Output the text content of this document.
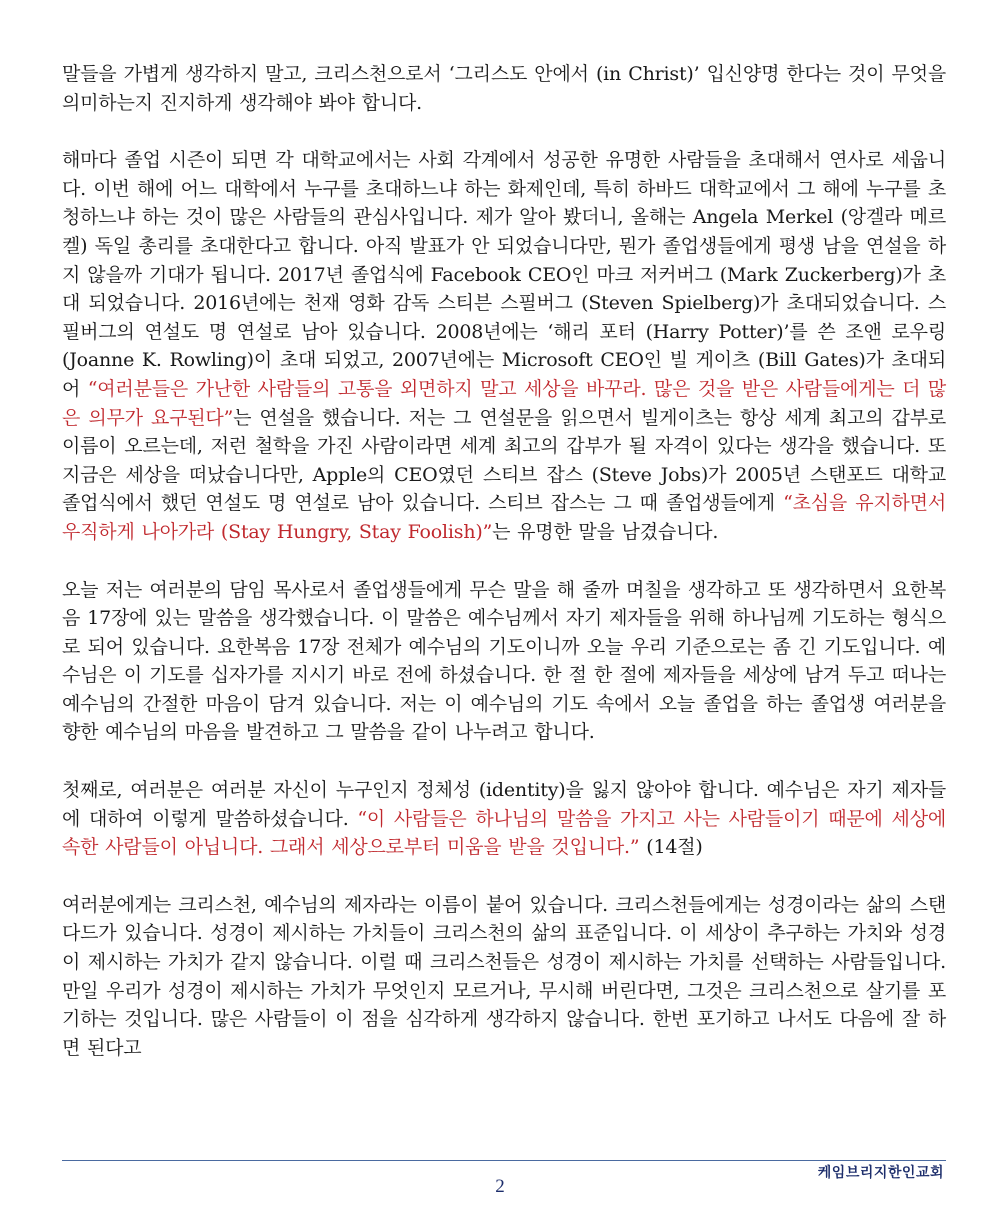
말들을 가볍게 생각하지 말고, 크리스천으로서 ‘그리스도 안에서 (in Christ)’ 입신양명 한다는 것이 무엇을 의미하는지 진지하게 생각해야 봐야 합니다.

해마다 졸업 시즌이 되면 각 대학교에서는 사회 각계에서 성공한 유명한 사람들을 초대해서 연사로 세웁니다. 이번 해에 어느 대학에서 누구를 초대하느냐 하는 화제인데, 특히 하바드 대학교에서 그 해에 누구를 초청하느냐 하는 것이 많은 사람들의 관심사입니다. 제가 알아 봤더니, 올해는 Angela Merkel (앙겔라 메르켈) 독일 총리를 초대한다고 합니다. 아직 발표가 안 되었습니다만, 뭔가 졸업생들에게 평생 남을 연설을 하지 않을까 기대가 됩니다. 2017년 졸업식에 Facebook CEO인 마크 저커버그 (Mark Zuckerberg)가 초대 되었습니다. 2016년에는 천재 영화 감독 스티븐 스필버그 (Steven Spielberg)가 초대되었습니다. 스필버그의 연설도 명 연설로 남아 있습니다. 2008년에는 ‘해리 포터 (Harry Potter)’를 쓴 조앤 로우링 (Joanne K. Rowling)이 초대 되었고, 2007년에는 Microsoft CEO인 빌 게이츠 (Bill Gates)가 초대되어 “여러분들은 가난한 사람들의 고통을 외면하지 말고 세상을 바꾸라. 많은 것을 받은 사람들에게는 더 많은 의무가 요구된다”는 연설을 했습니다. 저는 그 연설문을 읽으면서 빌게이츠는 항상 세계 최고의 갑부로 이름이 오르는데, 저런 철학을 가진 사람이라면 세계 최고의 갑부가 될 자격이 있다는 생각을 했습니다. 또 지금은 세상을 떠났습니다만, Apple의 CEO였던 스티브 잡스 (Steve Jobs)가 2005년 스탠포드 대학교 졸업식에서 했던 연설도 명 연설로 남아 있습니다. 스티브 잡스는 그 때 졸업생들에게 “초심을 유지하면서 우직하게 나아가라 (Stay Hungry, Stay Foolish)”는 유명한 말을 남겼습니다.

오늘 저는 여러분의 담임 목사로서 졸업생들에게 무슨 말을 해 줄까 며칠을 생각하고 또 생각하면서 요한복음 17장에 있는 말씀을 생각했습니다. 이 말씀은 예수님께서 자기 제자들을 위해 하나님께 기도하는 형식으로 되어 있습니다. 요한복음 17장 전체가 예수님의 기도이니까 오늘 우리 기준으로는 좀 긴 기도입니다. 예수님은 이 기도를 십자가를 지시기 바로 전에 하셨습니다. 한 절 한 절에 제자들을 세상에 남겨 두고 떠나는 예수님의 간절한 마음이 담겨 있습니다. 저는 이 예수님의 기도 속에서 오늘 졸업을 하는 졸업생 여러분을 향한 예수님의 마음을 발견하고 그 말씀을 같이 나누려고 합니다.

첫째로, 여러분은 여러분 자신이 누구인지 정체성 (identity)을 잃지 않아야 합니다. 예수님은 자기 제자들에 대하여 이렇게 말씀하셨습니다. “이 사람들은 하나님의 말씀을 가지고 사는 사람들이기 때문에 세상에 속한 사람들이 아닙니다. 그래서 세상으로부터 미움을 받을 것입니다.” (14절)

여러분에게는 크리스천, 예수님의 제자라는 이름이 붙어 있습니다. 크리스천들에게는 성경이라는 삶의 스탠다드가 있습니다. 성경이 제시하는 가치들이 크리스천의 삶의 표준입니다. 이 세상이 추구하는 가치와 성경이 제시하는 가치가 같지 않습니다. 이럴 때 크리스천들은 성경이 제시하는 가치를 선택하는 사람들입니다. 만일 우리가 성경이 제시하는 가치가 무엇인지 모르거나, 무시해 버린다면, 그것은 크리스천으로 살기를 포기하는 것입니다. 많은 사람들이 이 점을 심각하게 생각하지 않습니다. 한번 포기하고 나서도 다음에 잘 하면 된다고

케임브리지한인교회
2
